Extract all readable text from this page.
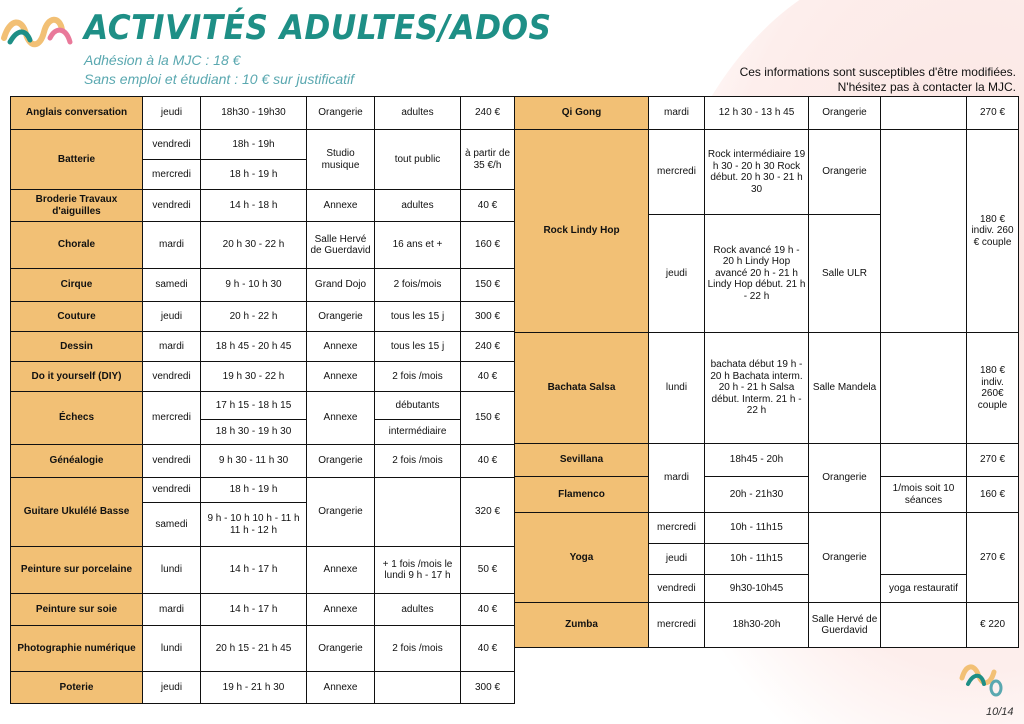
ACTIVITÉS ADULTES/ADOS
Adhésion à la MJC : 18 €
Sans emploi et étudiant : 10 € sur justificatif	Ces informations sont susceptibles d'être modifiées.
N'hésitez pas à contacter la MJC.
Anglais conversation	jeudi	18h30 - 19h30	Orangerie	adultes	240 €
Batterie	vendredi	18h - 19h	Studio musique	tout public	à partir de 35 €/h
	mercredi	18 h - 19 h			
Broderie Travaux d'aiguilles	vendredi	14 h - 18 h	Annexe	adultes	40 €
Chorale	mardi	20 h 30 - 22 h	Salle Hervé de Guerdavid	16 ans et +	160 €
Cirque	samedi	9 h - 10 h 30	Grand Dojo	2 fois/mois	150 €
Couture	jeudi	20 h - 22 h	Orangerie	tous les 15 j	300 €
Dessin	mardi	18 h 45 - 20 h 45	Annexe	tous les 15 j	240 €
Do it yourself (DIY)	vendredi	19 h 30 - 22 h	Annexe	2 fois /mois	40 €
Échecs	mercredi	17 h 15 - 18 h 15	Annexe	débutants	150 €
		18 h 30 - 19 h 30		intermédiaire	
Généalogie	vendredi	9 h 30 - 11 h 30	Orangerie	2 fois /mois	40 €
Guitare Ukulélé Basse	vendredi	18 h - 19 h	Orangerie		320 €
	samedi	9 h - 10 h 10 h - 11 h 11 h - 12 h			
Peinture sur porcelaine	lundi	14 h - 17 h	Annexe	+ 1 fois /mois le lundi 9 h - 17 h	50 €
Peinture sur soie	mardi	14 h - 17 h	Annexe	adultes	40 €
Photographie numérique	lundi	20 h 15 - 21 h 45	Orangerie	2 fois /mois	40 €
Poterie	jeudi	19 h - 21 h 30	Annexe		300 €
Qi Gong	mardi	12 h 30 - 13 h 45	Orangerie		270 €
Rock Lindy Hop	mercredi	Rock intermédiaire 19 h 30 - 20 h 30 Rock début. 20 h 30 - 21 h 30	Orangerie		180 € indiv. 260 € couple
	jeudi	Rock avancé 19 h - 20 h Lindy Hop avancé 20 h - 21 h Lindy Hop début. 21 h - 22 h	Salle ULR		
Bachata Salsa	lundi	bachata début 19 h - 20 h Bachata interm. 20 h - 21 h Salsa début. Interm. 21 h - 22 h	Salle Mandela		180 € indiv. 260€ couple
Sevillana	mardi	18h45 - 20h	Orangerie		270 €
Flamenco		20h - 21h30		1/mois soit 10 séances	160 €
Yoga	mercredi	10h - 11h15	Orangerie		270 €
	jeudi	10h - 11h15			
	vendredi	9h30-10h45		yoga restauratif	
Zumba	mercredi	18h30-20h	Salle Hervé de Guerdavid		€ 220
10/14
